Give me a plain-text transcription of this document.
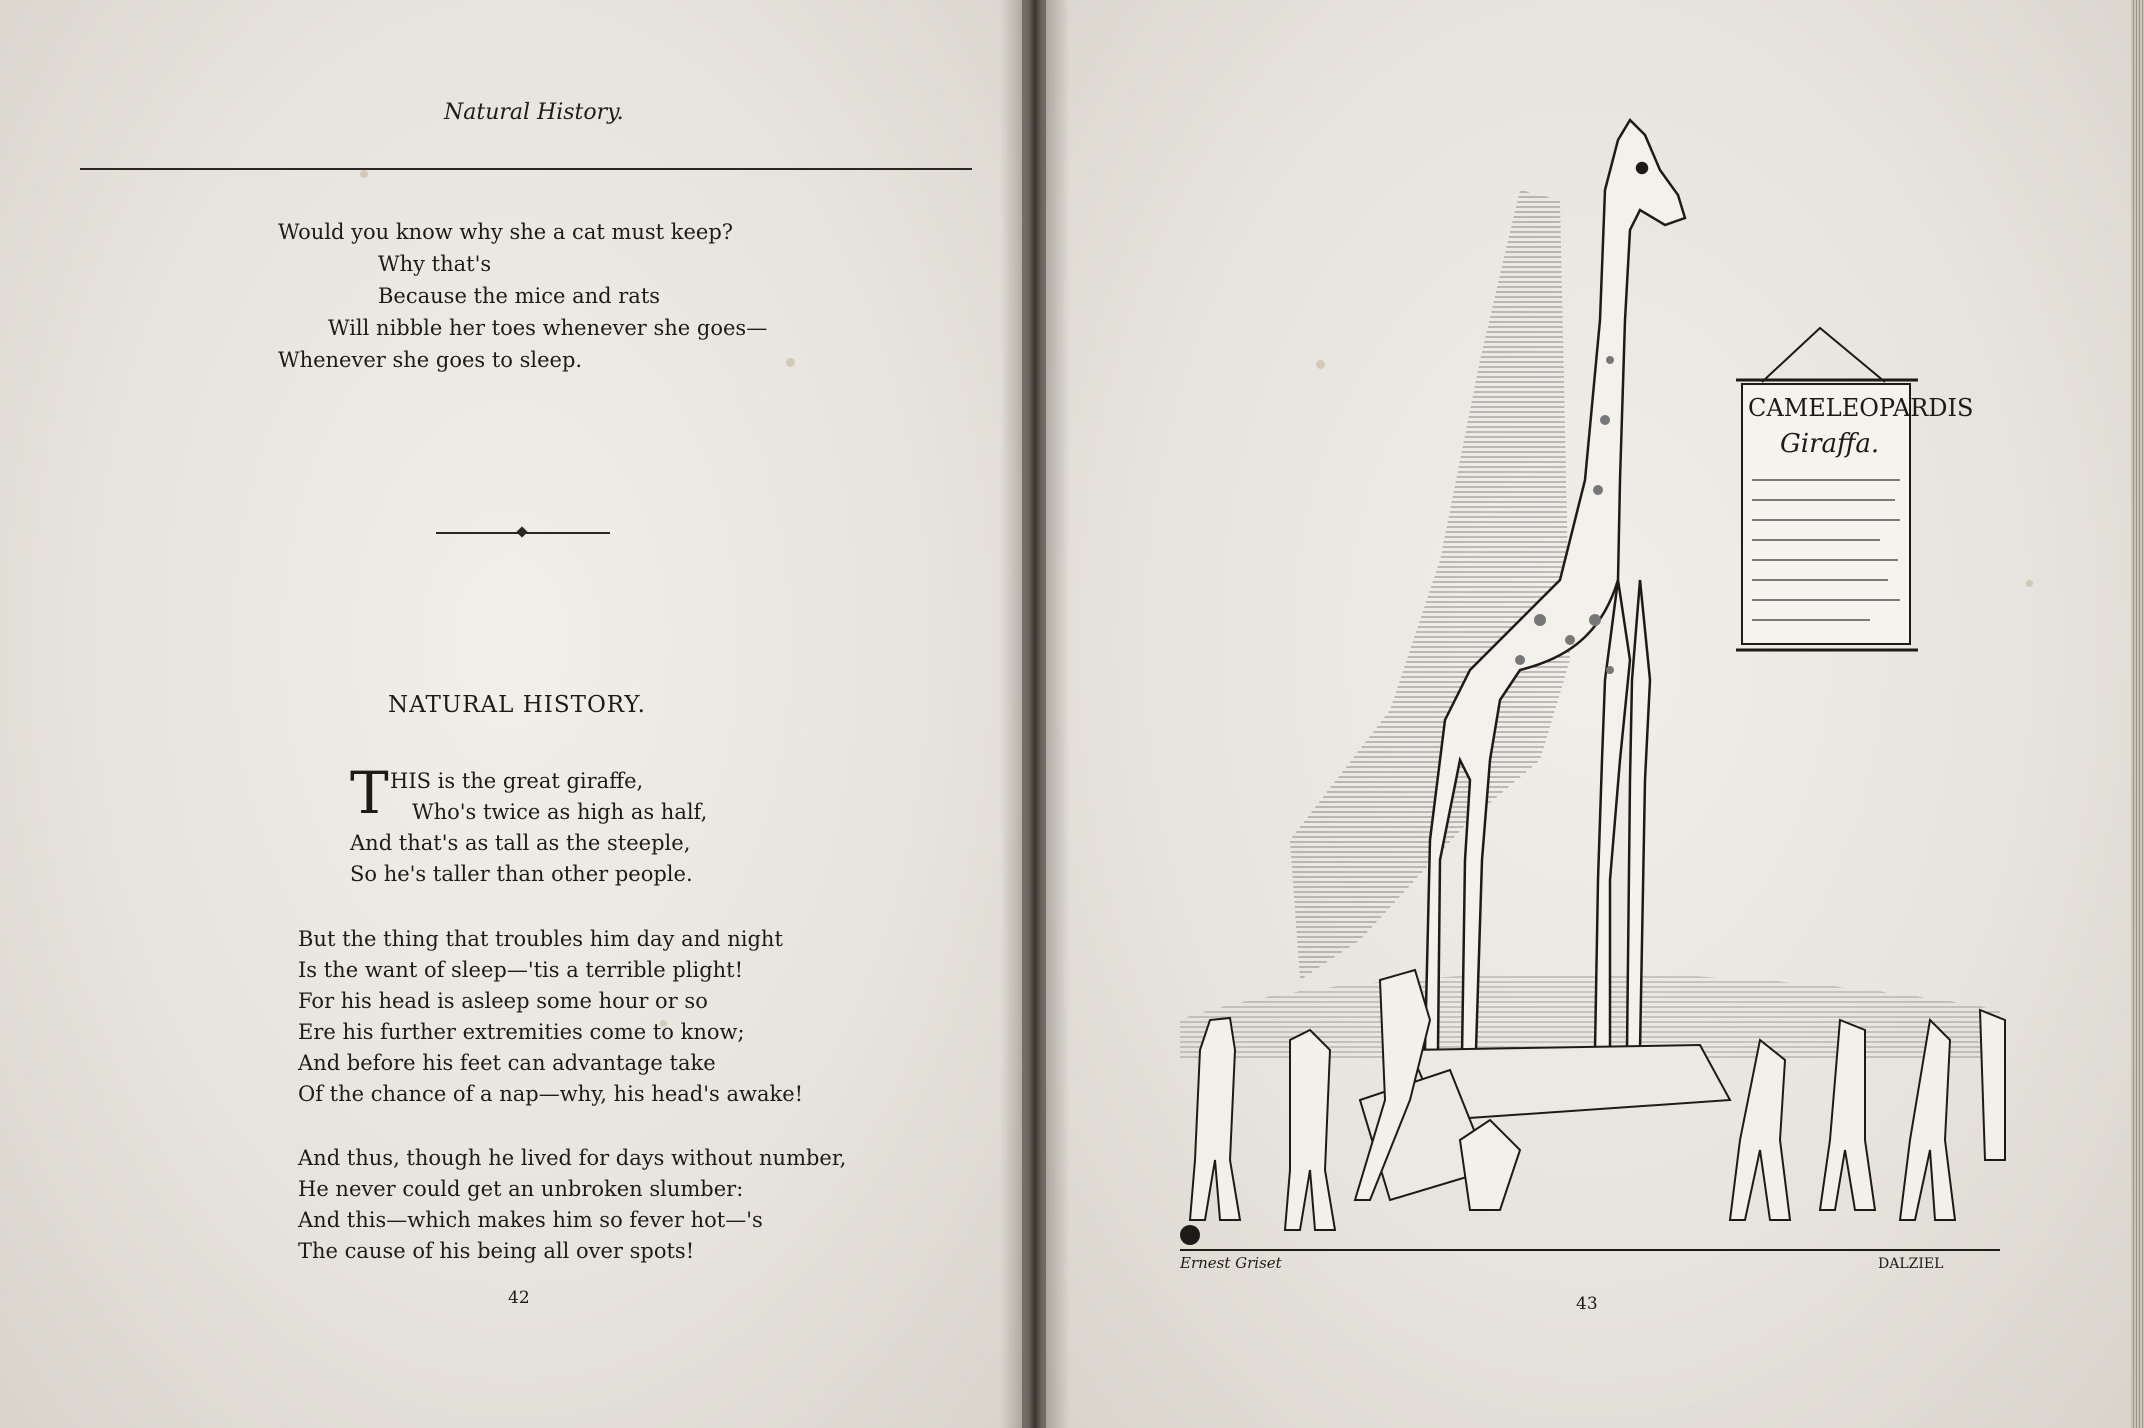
Natural History.

Would you know why she a cat must keep?

Why that's

Because the mice and rats

Will nibble her toes whenever she goes—

Whenever she goes to sleep.

NATURAL HISTORY.
T

HIS is the great giraffe,

Who's twice as high as half,

And that's as tall as the steeple,

So he's taller than other people.

But the thing that troubles him day and night

Is the want of sleep—'tis a terrible plight!

For his head is asleep some hour or so

Ere his further extremities come to know;

And before his feet can advantage take

Of the chance of a nap—why, his head's awake!

And thus, though he lived for days without number,

He never could get an unbroken slumber:

And this—which makes him so fever hot—'s

The cause of his being all over spots!

42	43
CAMELEOPARDIS
Giraffa.
Ernest Griset	DALZIEL
